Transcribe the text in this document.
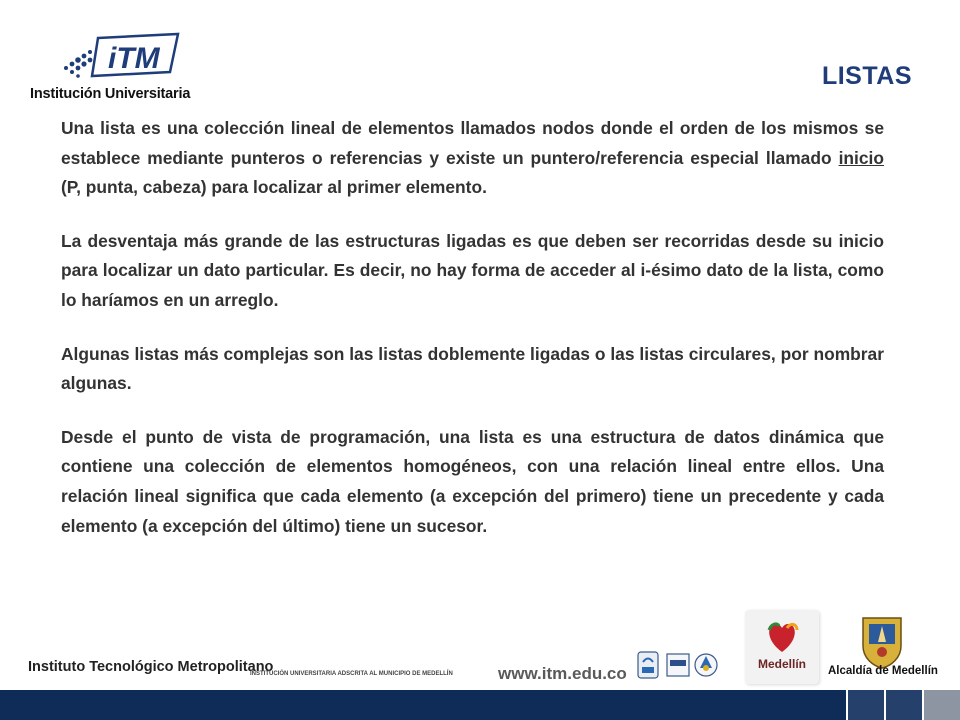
iTM
Institución Universitaria
LISTAS

Una lista es una colección lineal de elementos llamados nodos donde el orden de los mismos se establece mediante punteros o referencias y existe un puntero/referencia especial llamado inicio (P, punta, cabeza) para localizar al primer elemento.

La desventaja más grande de las estructuras ligadas es que deben ser recorridas desde su inicio para localizar un dato particular. Es decir, no hay forma de acceder al i-ésimo dato de la lista, como lo haríamos en un arreglo.

Algunas listas más complejas son las listas doblemente ligadas o las listas circulares, por nombrar algunas.

Desde el punto de vista de programación, una lista es una estructura de datos dinámica que contiene una colección de elementos homogéneos, con una relación lineal entre ellos. Una relación lineal significa que cada elemento (a excepción del primero) tiene un precedente y cada elemento (a excepción del último) tiene un sucesor.

Instituto Tecnológico Metropolitano
INSTITUCIÓN UNIVERSITARIA ADSCRITA AL MUNICIPIO DE MEDELLÍN	www.itm.edu.co	Medellín	Alcaldía de Medellín
